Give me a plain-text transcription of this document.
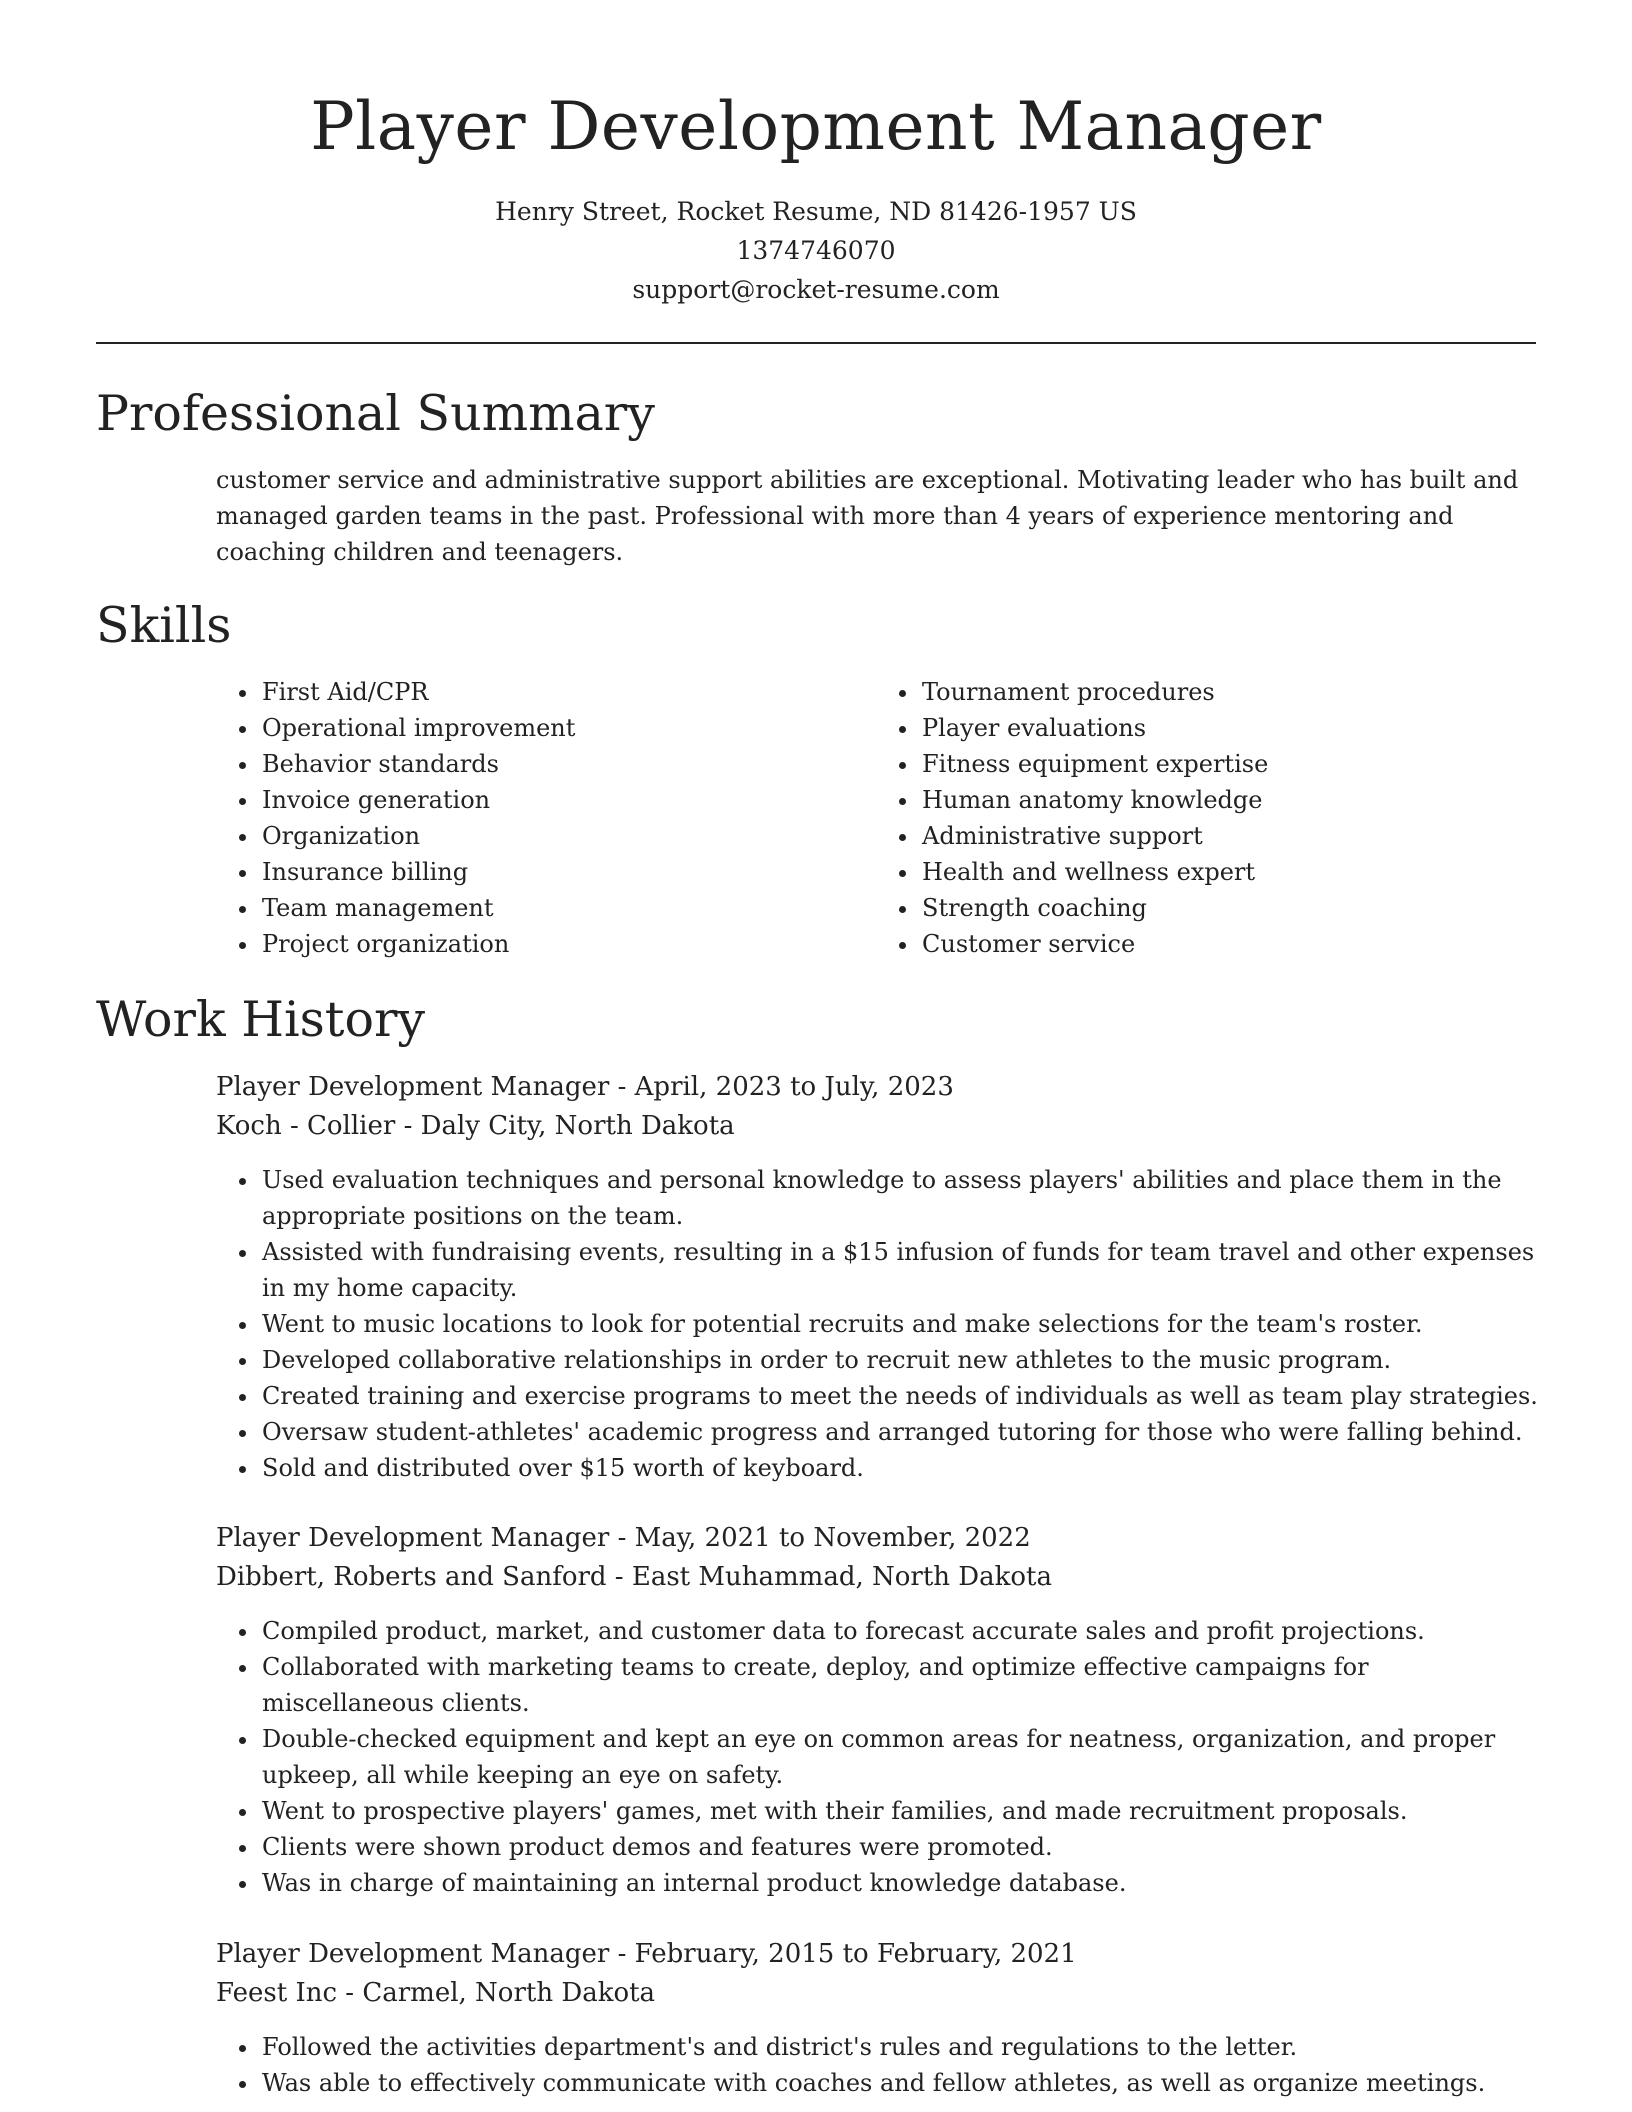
Player Development Manager
Henry Street, Rocket Resume, ND 81426-1957 US
1374746070
support@rocket-resume.com
Professional Summary

customer service and administrative support abilities are exceptional. Motivating leader who has built and managed garden teams in the past. Professional with more than 4 years of experience mentoring and coaching children and teenagers.

Skills
• First Aid/CPR
• Operational improvement
• Behavior standards
• Invoice generation
• Organization
• Insurance billing
• Team management
• Project organization
• Tournament procedures
• Player evaluations
• Fitness equipment expertise
• Human anatomy knowledge
• Administrative support
• Health and wellness expert
• Strength coaching
• Customer service
Work History

Player Development Manager - April, 2023 to July, 2023

Koch - Collier - Daly City, North Dakota

• Used evaluation techniques and personal knowledge to assess players' abilities and place them in the appropriate positions on the team.
• Assisted with fundraising events, resulting in a $15 infusion of funds for team travel and other expenses in my home capacity.
• Went to music locations to look for potential recruits and make selections for the team's roster.
• Developed collaborative relationships in order to recruit new athletes to the music program.
• Created training and exercise programs to meet the needs of individuals as well as team play strategies.
• Oversaw student-athletes' academic progress and arranged tutoring for those who were falling behind.
• Sold and distributed over $15 worth of keyboard.

Player Development Manager - May, 2021 to November, 2022

Dibbert, Roberts and Sanford - East Muhammad, North Dakota

• Compiled product, market, and customer data to forecast accurate sales and profit projections.
• Collaborated with marketing teams to create, deploy, and optimize effective campaigns for miscellaneous clients.
• Double-checked equipment and kept an eye on common areas for neatness, organization, and proper upkeep, all while keeping an eye on safety.
• Went to prospective players' games, met with their families, and made recruitment proposals.
• Clients were shown product demos and features were promoted.
• Was in charge of maintaining an internal product knowledge database.

Player Development Manager - February, 2015 to February, 2021

Feest Inc - Carmel, North Dakota

• Followed the activities department's and district's rules and regulations to the letter.
• Was able to effectively communicate with coaches and fellow athletes, as well as organize meetings.
